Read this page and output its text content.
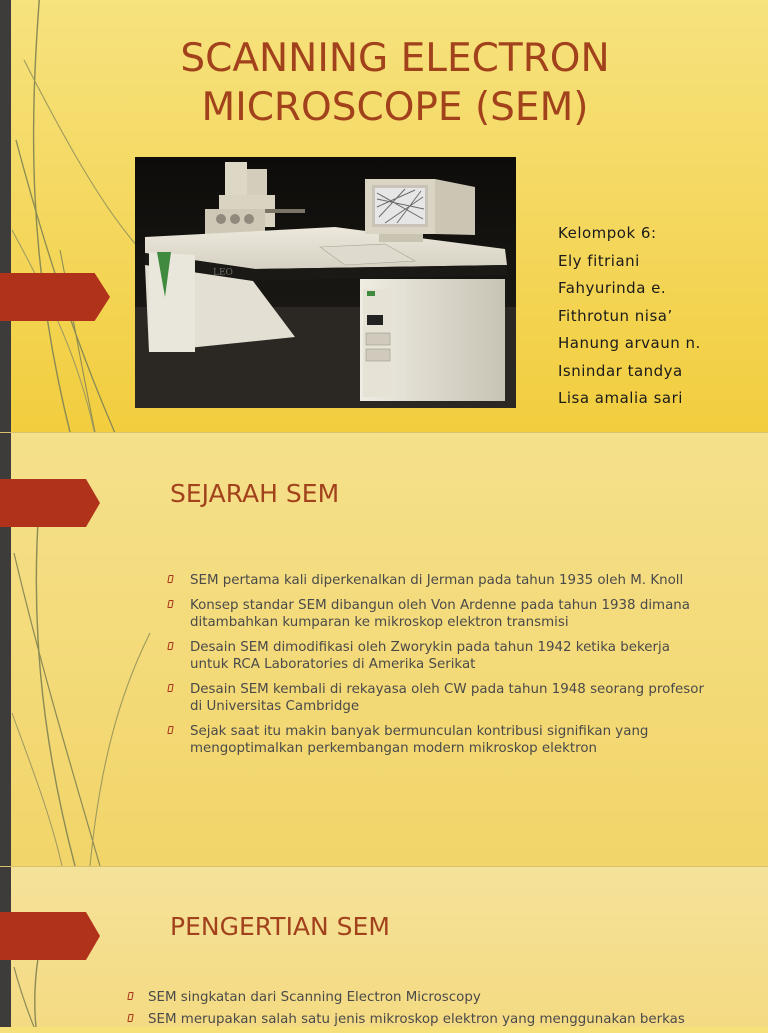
SCANNING ELECTRON
MICROSCOPE (SEM)
LEO
Kelompok 6:
Ely fitriani
Fahyurinda e.
Fithrotun nisa’
Hanung arvaun n.
Isnindar tandya
Lisa amalia sari
SEJARAH SEM
SEM pertama kali diperkenalkan di Jerman pada tahun 1935 oleh M. Knoll
Konsep standar SEM dibangun oleh Von Ardenne pada tahun 1938 dimana ditambahkan kumparan ke mikroskop elektron transmisi
Desain SEM dimodifikasi oleh Zworykin pada tahun 1942 ketika bekerja untuk RCA Laboratories di Amerika Serikat
Desain SEM kembali di rekayasa oleh CW pada tahun 1948 seorang profesor di Universitas Cambridge
Sejak saat itu makin banyak bermunculan kontribusi signifikan yang mengoptimalkan perkembangan modern mikroskop elektron
PENGERTIAN SEM
SEM singkatan dari Scanning Electron Microscopy
SEM merupakan salah satu jenis mikroskop elektron yang menggunakan berkas
